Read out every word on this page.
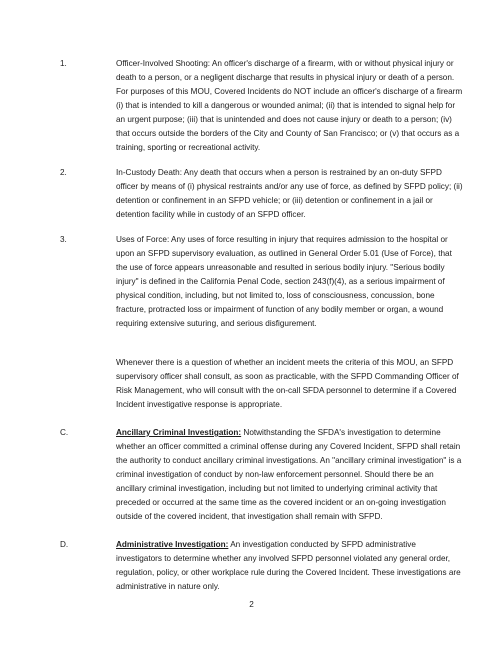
1.	Officer-Involved Shooting: An officer's discharge of a firearm, with or without physical injury or death to a person, or a negligent discharge that results in physical injury or death of a person. For purposes of this MOU, Covered Incidents do NOT include an officer's discharge of a firearm (i) that is intended to kill a dangerous or wounded animal; (ii) that is intended to signal help for an urgent purpose; (iii) that is unintended and does not cause injury or death to a person; (iv) that occurs outside the borders of the City and County of San Francisco; or (v) that occurs as a training, sporting or recreational activity.
2.	In-Custody Death: Any death that occurs when a person is restrained by an on-duty SFPD officer by means of (i) physical restraints and/or any use of force, as defined by SFPD policy; (ii) detention or confinement in an SFPD vehicle; or (iii) detention or confinement in a jail or detention facility while in custody of an SFPD officer.
3.	Uses of Force: Any uses of force resulting in injury that requires admission to the hospital or upon an SFPD supervisory evaluation, as outlined in General Order 5.01 (Use of Force), that the use of force appears unreasonable and resulted in serious bodily injury. "Serious bodily injury" is defined in the California Penal Code, section 243(f)(4), as a serious impairment of physical condition, including, but not limited to, loss of consciousness, concussion, bone fracture, protracted loss or impairment of function of any bodily member or organ, a wound requiring extensive suturing, and serious disfigurement.
Whenever there is a question of whether an incident meets the criteria of this MOU, an SFPD supervisory officer shall consult, as soon as practicable, with the SFPD Commanding Officer of Risk Management, who will consult with the on-call SFDA personnel to determine if a Covered Incident investigative response is appropriate.
C.	Ancillary Criminal Investigation: Notwithstanding the SFDA's investigation to determine whether an officer committed a criminal offense during any Covered Incident, SFPD shall retain the authority to conduct ancillary criminal investigations. An "ancillary criminal investigation" is a criminal investigation of conduct by non-law enforcement personnel. Should there be an ancillary criminal investigation, including but not limited to underlying criminal activity that preceded or occurred at the same time as the covered incident or an on-going investigation outside of the covered incident, that investigation shall remain with SFPD.
D.	Administrative Investigation: An investigation conducted by SFPD administrative investigators to determine whether any involved SFPD personnel violated any general order, regulation, policy, or other workplace rule during the Covered Incident. These investigations are administrative in nature only.
2
